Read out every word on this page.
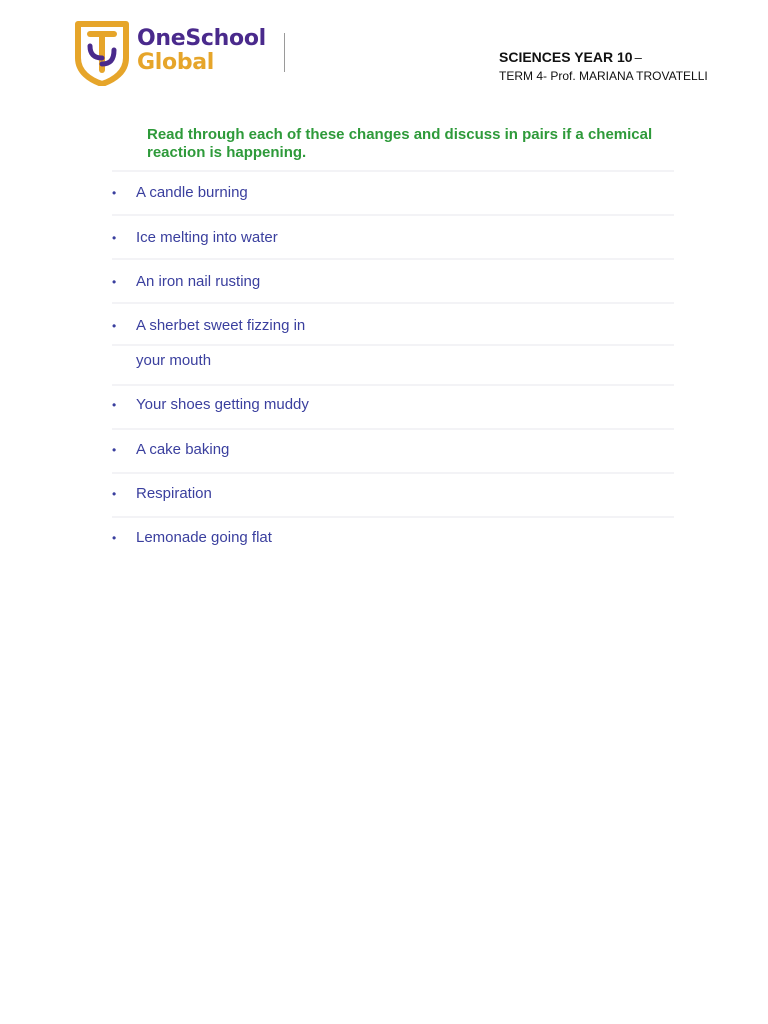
OneSchool
Global	SCIENCES YEAR 10 –
TERM 4- Prof. MARIANA TROVATELLI
Read through each of these changes and discuss in pairs if a chemical reaction is happening.
•	A candle burning
•	Ice melting into water
•	An iron nail rusting
•	A sherbet sweet fizzing in
your mouth
•	Your shoes getting muddy
•	A cake baking
•	Respiration
•	Lemonade going flat
